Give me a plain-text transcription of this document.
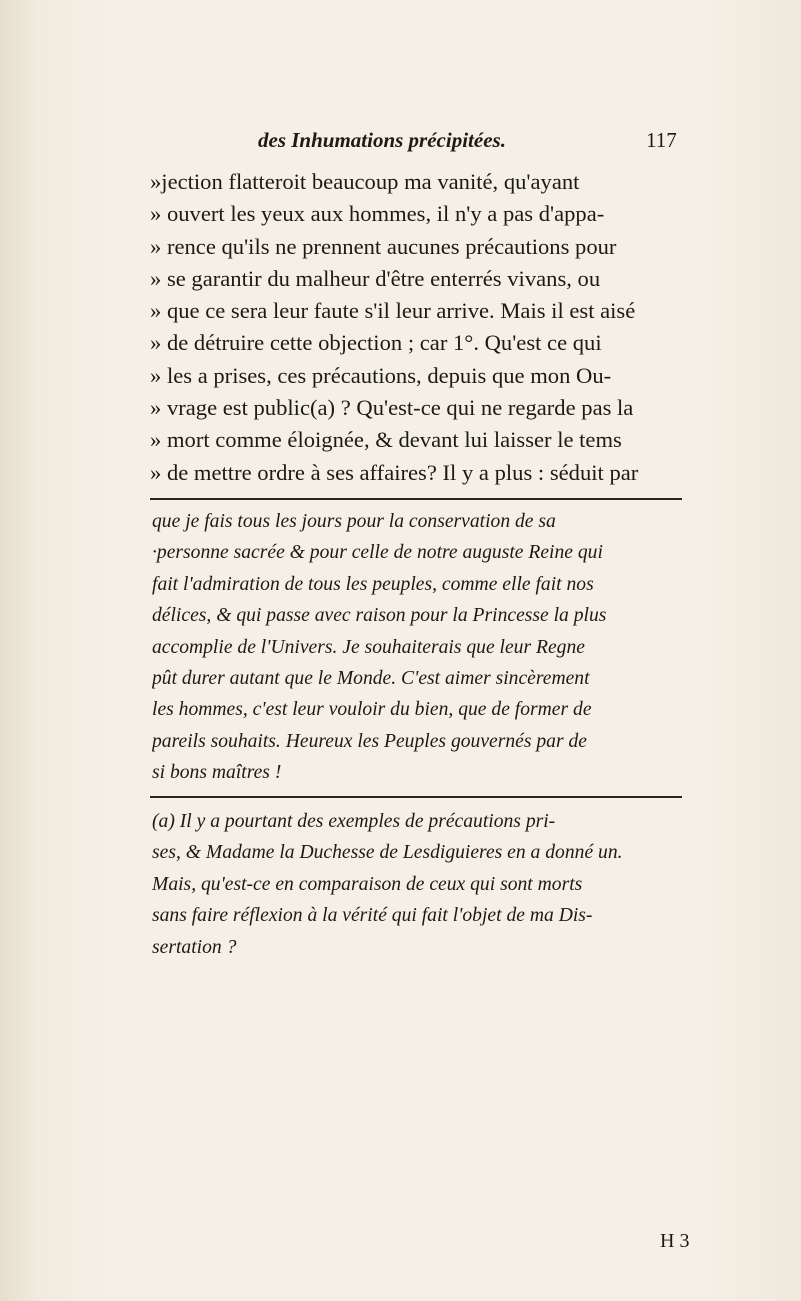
des Inhumations précipitées.	117
»jection flatteroit beaucoup ma vanité, qu'ayant
» ouvert les yeux aux hommes, il n'y a pas d'appa-
» rence qu'ils ne prennent aucunes précautions pour
» se garantir du malheur d'être enterrés vivans, ou
» que ce sera leur faute s'il leur arrive. Mais il est aisé
» de détruire cette objection ; car 1°. Qu'est ce qui
» les a prises, ces précautions, depuis que mon Ou-
» vrage est public(a) ? Qu'est-ce qui ne regarde pas la
» mort comme éloignée, & devant lui laisser le tems
» de mettre ordre à ses affaires? Il y a plus : séduit par
que je fais tous les jours pour la conservation de sa
·personne sacrée & pour celle de notre auguste Reine qui
fait l'admiration de tous les peuples, comme elle fait nos
délices, & qui passe avec raison pour la Princesse la plus
accomplie de l'Univers. Je souhaiterais que leur Regne
pût durer autant que le Monde. C'est aimer sincèrement
les hommes, c'est leur vouloir du bien, que de former de
pareils souhaits. Heureux les Peuples gouvernés par de
si bons maîtres !
(a) Il y a pourtant des exemples de précautions pri-
ses, & Madame la Duchesse de Lesdiguieres en a donné un.
Mais, qu'est-ce en comparaison de ceux qui sont morts
sans faire réflexion à la vérité qui fait l'objet de ma Dis-
sertation ?
H 3
